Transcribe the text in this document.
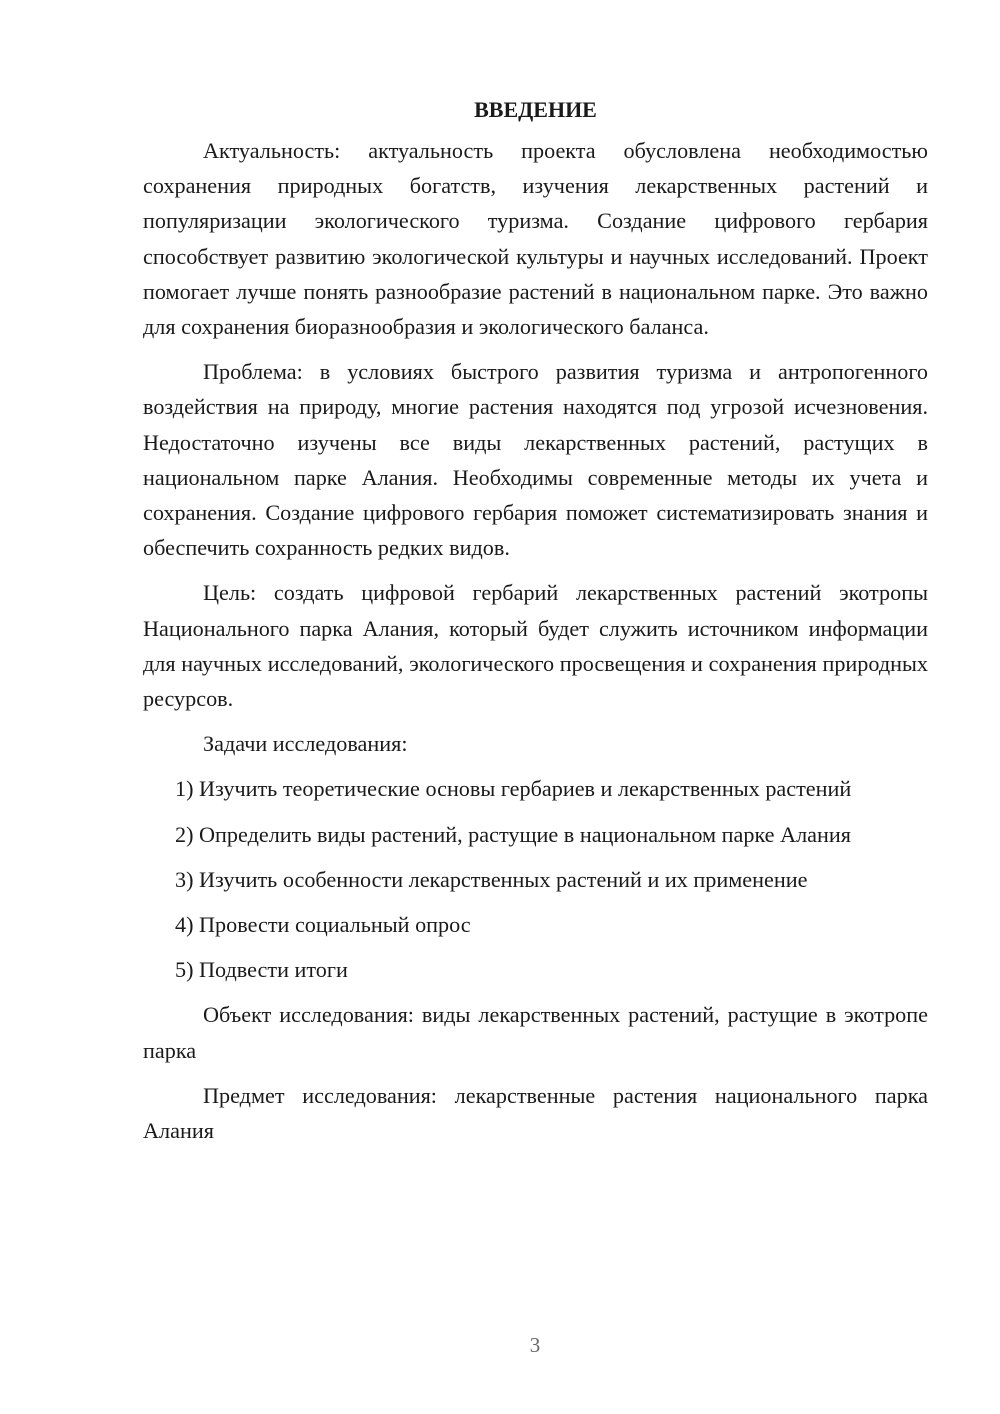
ВВЕДЕНИЕ

Актуальность: актуальность проекта обусловлена необходимостью сохранения природных богатств, изучения лекарственных растений и популяризации экологического туризма. Создание цифрового гербария способствует развитию экологической культуры и научных исследований. Проект помогает лучше понять разнообразие растений в национальном парке. Это важно для сохранения биоразнообразия и экологического баланса.

Проблема: в условиях быстрого развития туризма и антропогенного воздействия на природу, многие растения находятся под угрозой исчезновения. Недостаточно изучены все виды лекарственных растений, растущих в национальном парке Алания. Необходимы современные методы их учета и сохранения. Создание цифрового гербария поможет систематизировать знания и обеспечить сохранность редких видов.

Цель: создать цифровой гербарий лекарственных растений экотропы Национального парка Алания, который будет служить источником информации для научных исследований, экологического просвещения и сохранения природных ресурсов.

Задачи исследования:

1) Изучить теоретические основы гербариев и лекарственных растений

2) Определить виды растений, растущие в национальном парке Алания

3) Изучить особенности лекарственных растений и их применение

4) Провести социальный опрос

5) Подвести итоги

Объект исследования: виды лекарственных растений, растущие в экотропе парка

Предмет исследования: лекарственные растения национального парка Алания

3
